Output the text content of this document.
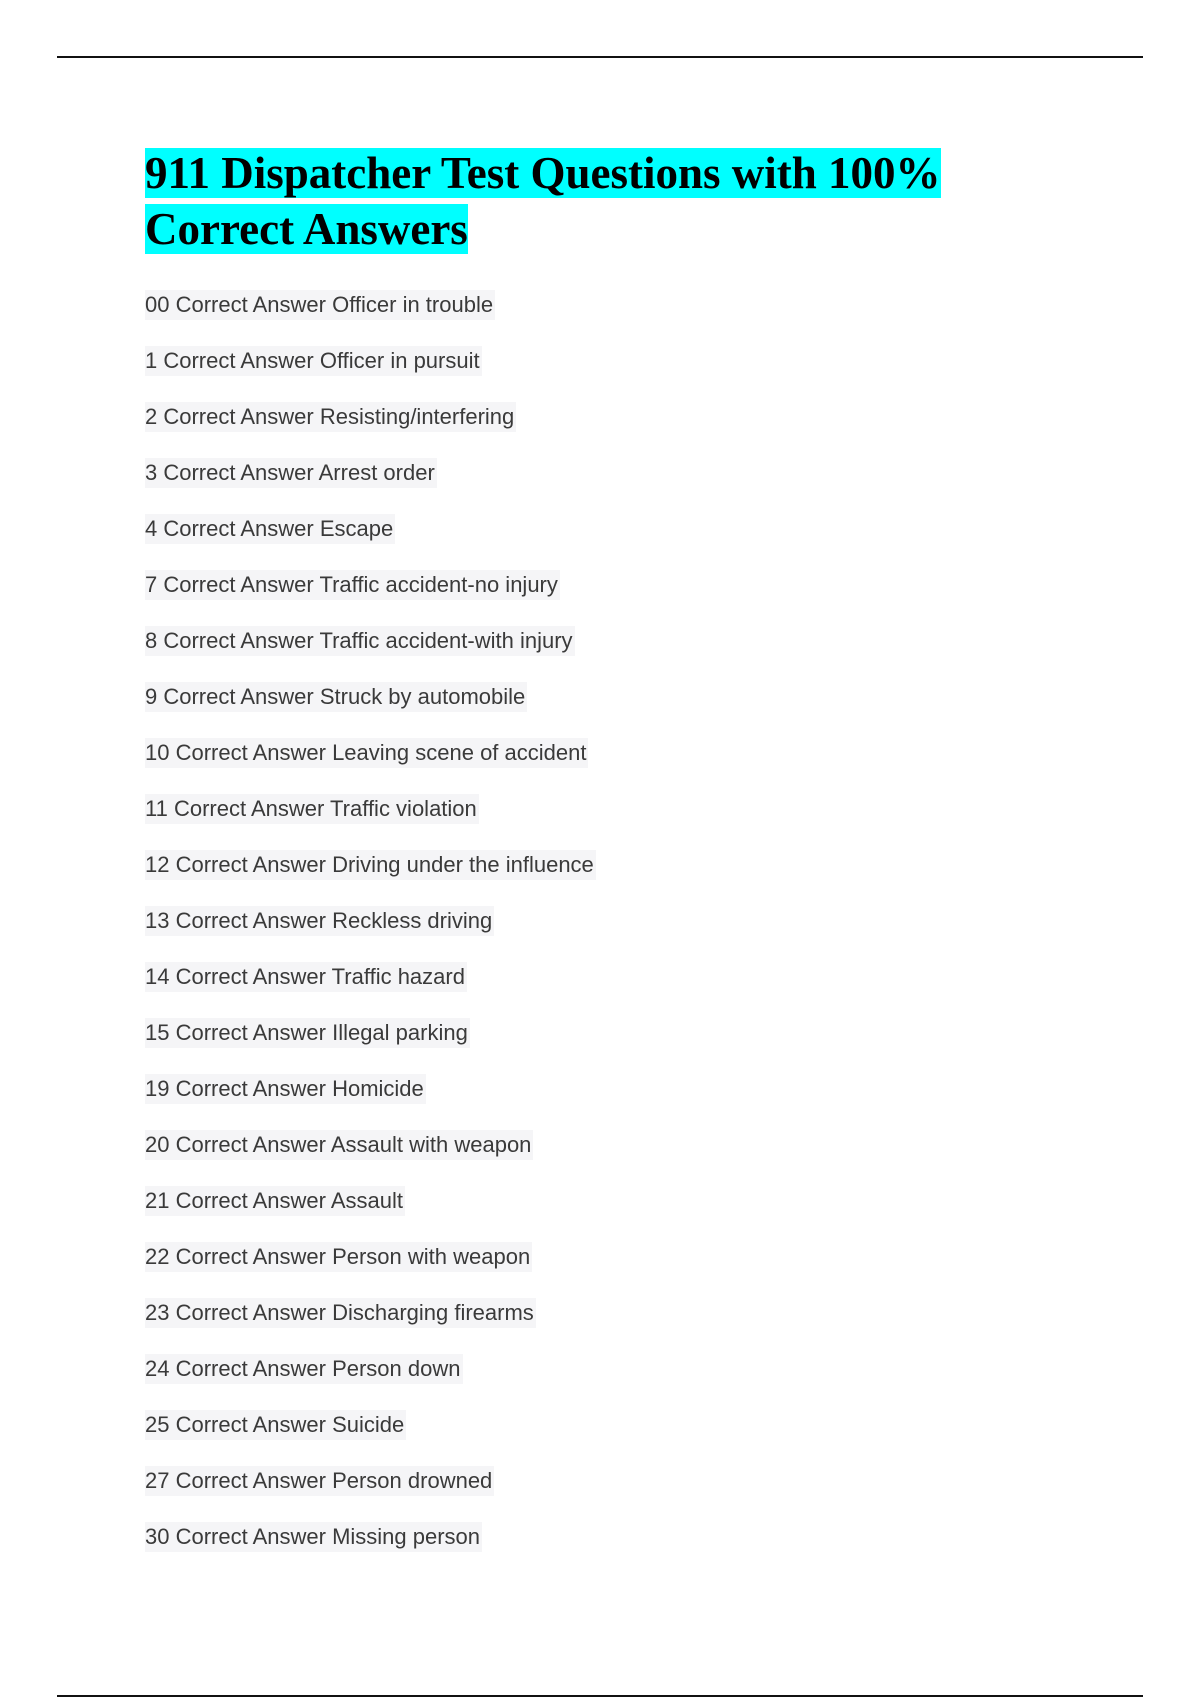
911 Dispatcher Test Questions with 100%
Correct Answers
00 Correct Answer Officer in trouble
1 Correct Answer Officer in pursuit
2 Correct Answer Resisting/interfering
3 Correct Answer Arrest order
4 Correct Answer Escape
7 Correct Answer Traffic accident-no injury
8 Correct Answer Traffic accident-with injury
9 Correct Answer Struck by automobile
10 Correct Answer Leaving scene of accident
11 Correct Answer Traffic violation
12 Correct Answer Driving under the influence
13 Correct Answer Reckless driving
14 Correct Answer Traffic hazard
15 Correct Answer Illegal parking
19 Correct Answer Homicide
20 Correct Answer Assault with weapon
21 Correct Answer Assault
22 Correct Answer Person with weapon
23 Correct Answer Discharging firearms
24 Correct Answer Person down
25 Correct Answer Suicide
27 Correct Answer Person drowned
30 Correct Answer Missing person
